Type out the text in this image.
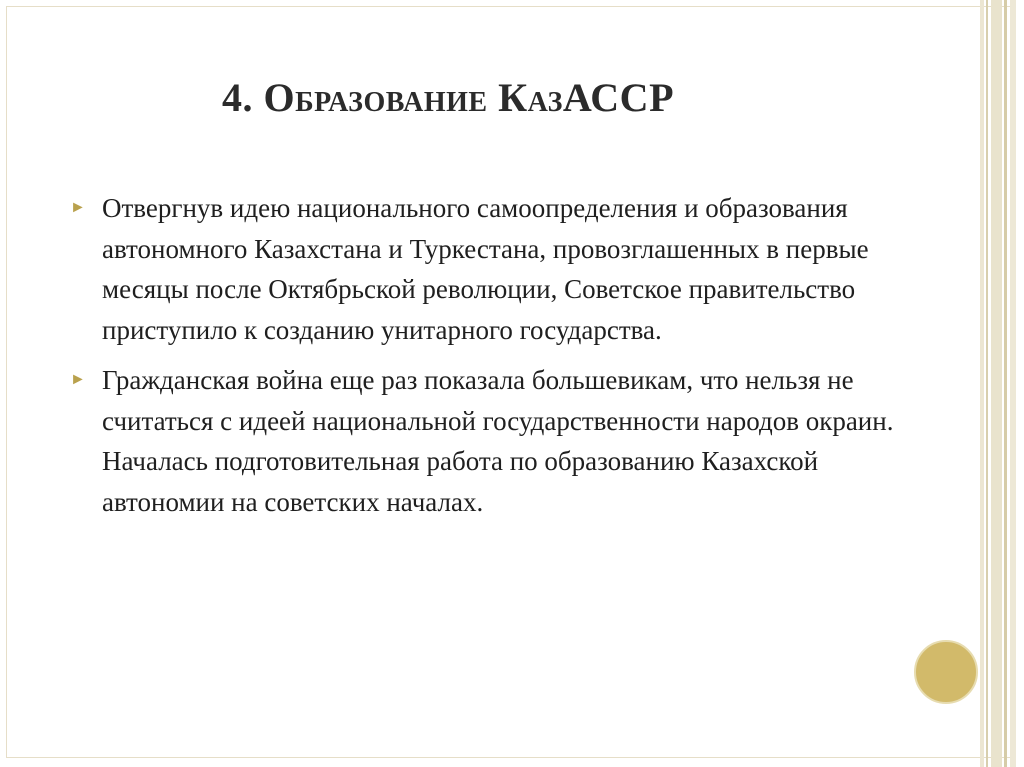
4. Образование КазАССР
► Отвергнув идею национального самоопределения и образования автономного Казахстана и Туркестана, провозглашенных в первые месяцы после Октябрьской революции, Советское правительство приступило к созданию унитарного государства.
► Гражданская война еще раз показала большевикам, что нельзя не считаться с идеей национальной государственности народов окраин. Началась подготовительная работа по образованию Казахской автономии на советских началах.
